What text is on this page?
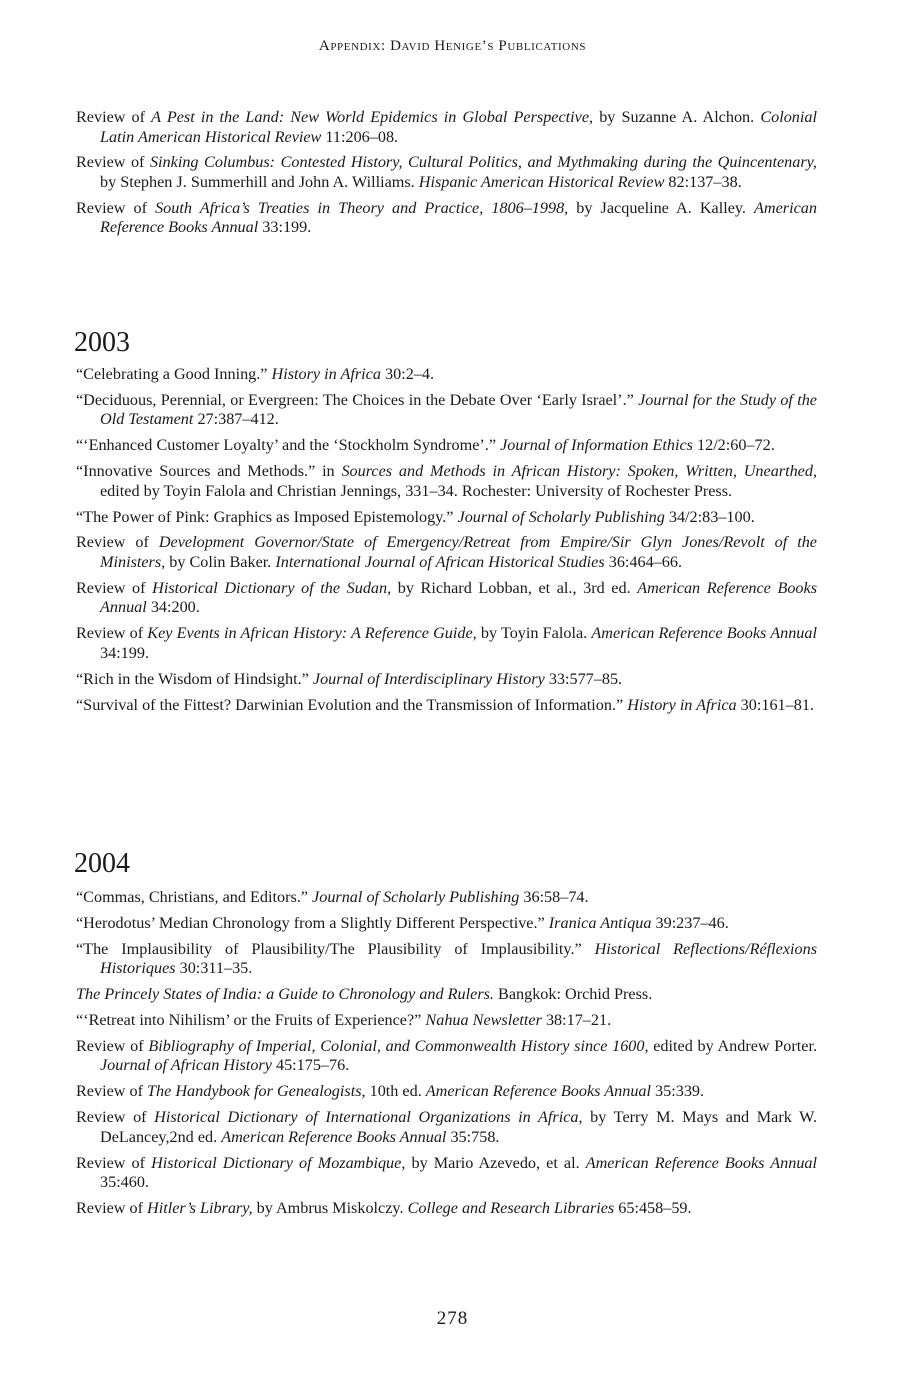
Appendix: David Henige’s Publications

Review of A Pest in the Land: New World Epidemics in Global Perspective, by Suzanne A. Alchon. Colonial Latin American Historical Review 11:206–08.

Review of Sinking Columbus: Contested History, Cultural Politics, and Mythmaking during the Quincentenary, by Stephen J. Summerhill and John A. Williams. Hispanic American Historical Review 82:137–38.

Review of South Africa’s Treaties in Theory and Practice, 1806–1998, by Jacqueline A. Kalley. American Reference Books Annual 33:199.

2003

“Celebrating a Good Inning.” History in Africa 30:2–4.

“Deciduous, Perennial, or Evergreen: The Choices in the Debate Over ‘Early Israel’.” Journal for the Study of the Old Testament 27:387–412.

“‘Enhanced Customer Loyalty’ and the ‘Stockholm Syndrome’.” Journal of Information Ethics 12/2:60–72.

“Innovative Sources and Methods.” in Sources and Methods in African History: Spoken, Written, Unearthed, edited by Toyin Falola and Christian Jennings, 331–34. Rochester: University of Rochester Press.

“The Power of Pink: Graphics as Imposed Epistemology.” Journal of Scholarly Publishing 34/2:83–100.

Review of Development Governor/State of Emergency/Retreat from Empire/Sir Glyn Jones/Revolt of the Ministers, by Colin Baker. International Journal of African Historical Studies 36:464–66.

Review of Historical Dictionary of the Sudan, by Richard Lobban, et al., 3rd ed. American Reference Books Annual 34:200.

Review of Key Events in African History: A Reference Guide, by Toyin Falola. American Reference Books Annual 34:199.

“Rich in the Wisdom of Hindsight.” Journal of Interdisciplinary History 33:577–85.

“Survival of the Fittest? Darwinian Evolution and the Transmission of Information.” History in Africa 30:161–81.

2004

“Commas, Christians, and Editors.” Journal of Scholarly Publishing 36:58–74.

“Herodotus’ Median Chronology from a Slightly Different Perspective.” Iranica Antiqua 39:237–46.

“The Implausibility of Plausibility/The Plausibility of Implausibility.” Historical Reflections/Réflexions Historiques 30:311–35.

The Princely States of India: a Guide to Chronology and Rulers. Bangkok: Orchid Press.

“‘Retreat into Nihilism’ or the Fruits of Experience?” Nahua Newsletter 38:17–21.

Review of Bibliography of Imperial, Colonial, and Commonwealth History since 1600, edited by Andrew Porter. Journal of African History 45:175–76.

Review of The Handybook for Genealogists, 10th ed. American Reference Books Annual 35:339.

Review of Historical Dictionary of International Organizations in Africa, by Terry M. Mays and Mark W. DeLancey,2nd ed. American Reference Books Annual 35:758.

Review of Historical Dictionary of Mozambique, by Mario Azevedo, et al. American Reference Books Annual 35:460.

Review of Hitler’s Library, by Ambrus Miskolczy. College and Research Libraries 65:458–59.

278
